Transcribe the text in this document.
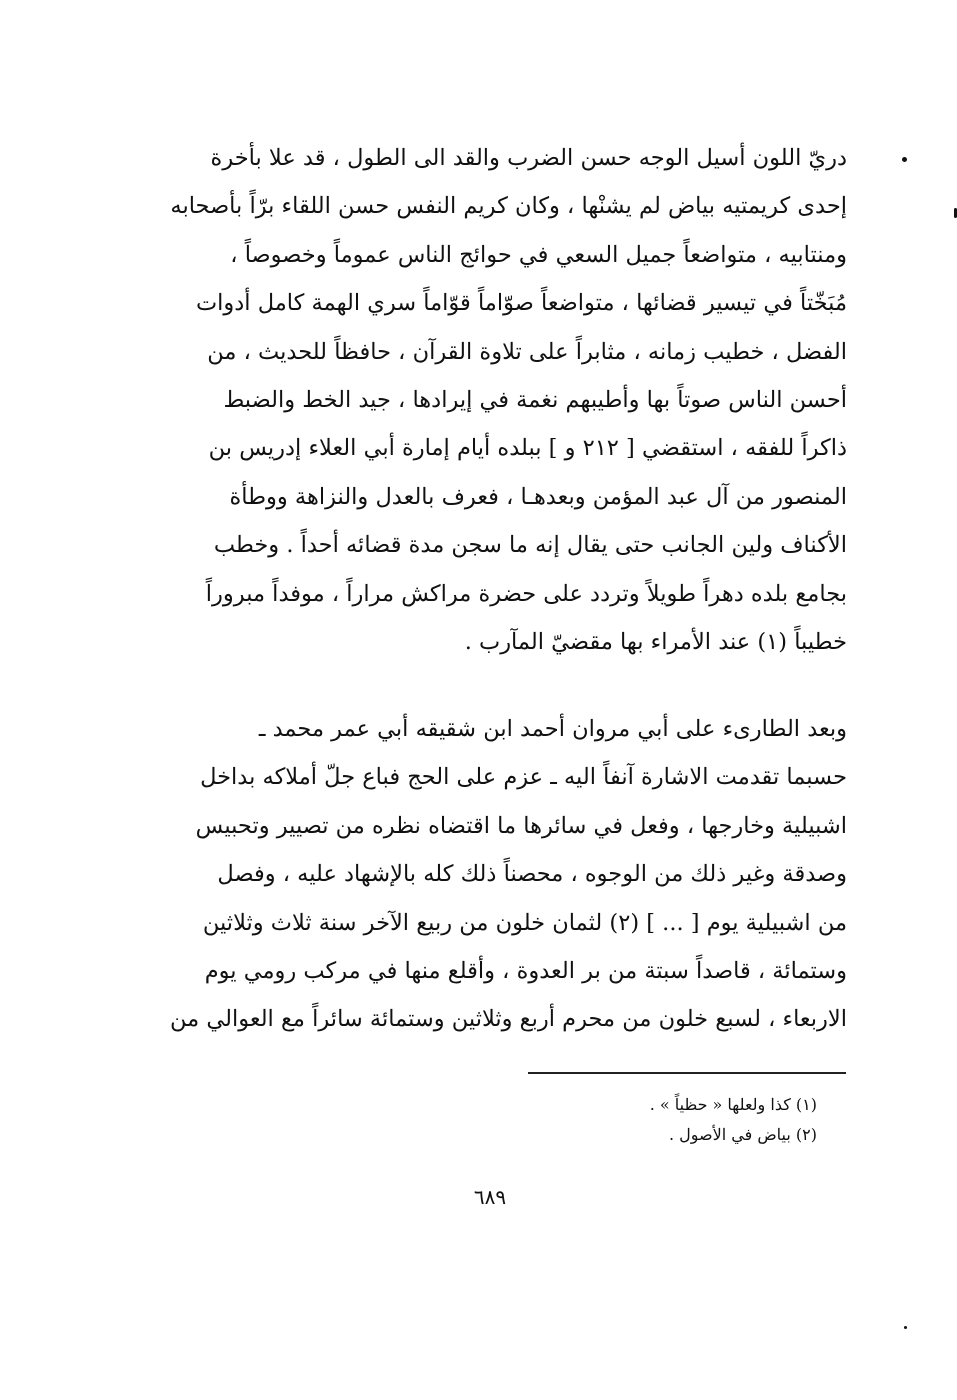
دريّ اللون أسيل الوجه حسن الضرب والقد الى الطول ، قد علا بأخرة
إحدى كريمتيه بياض لم يشنْها ، وكان كريم النفس حسن اللقاء برّاً بأصحابه
ومنتابيه ، متواضعاً جميل السعي في حوائج الناس عموماً وخصوصاً ،
مُبَخّتاً في تيسير قضائها ، متواضعاً صوّاماً قوّاماً سري الهمة كامل أدوات
الفضل ، خطيب زمانه ، مثابراً على تلاوة القرآن ، حافظاً للحديث ، من
أحسن الناس صوتاً بها وأطيبهم نغمة في إيرادها ، جيد الخط والضبط
ذاكراً للفقه ، استقضي [ ٢١٢ و ] ببلده أيام إمارة أبي العلاء إدريس بن
المنصور من آل عبد المؤمن وبعدهـا ، فعرف بالعدل والنزاهة ووطأة
الأكناف ولين الجانب حتى يقال إنه ما سجن مدة قضائه أحداً . وخطب
بجامع بلده دهراً طويلاً وتردد على حضرة مراكش مراراً ، موفداً مبروراً
خطيباً (١) عند الأمراء بها مقضيّ المآرب .
وبعد الطارىء على أبي مروان أحمد ابن شقيقه أبي عمر محمد ـ
حسبما تقدمت الاشارة آنفاً اليه ـ عزم على الحج فباع جلّ أملاكه بداخل
اشبيلية وخارجها ، وفعل في سائرها ما اقتضاه نظره من تصيير وتحبيس
وصدقة وغير ذلك من الوجوه ، محصناً ذلك كله بالإشهاد عليه ، وفصل
من اشبيلية يوم [ ... ] (٢) لثمان خلون من ربيع الآخر سنة ثلاث وثلاثين
وستمائة ، قاصداً سبتة من بر العدوة ، وأقلع منها في مركب رومي يوم
الاربعاء ، لسبع خلون من محرم أربع وثلاثين وستمائة سائراً مع العوالي من
(١) كذا ولعلها « حظياً » .
(٢) بياض في الأصول .
٦٨٩
